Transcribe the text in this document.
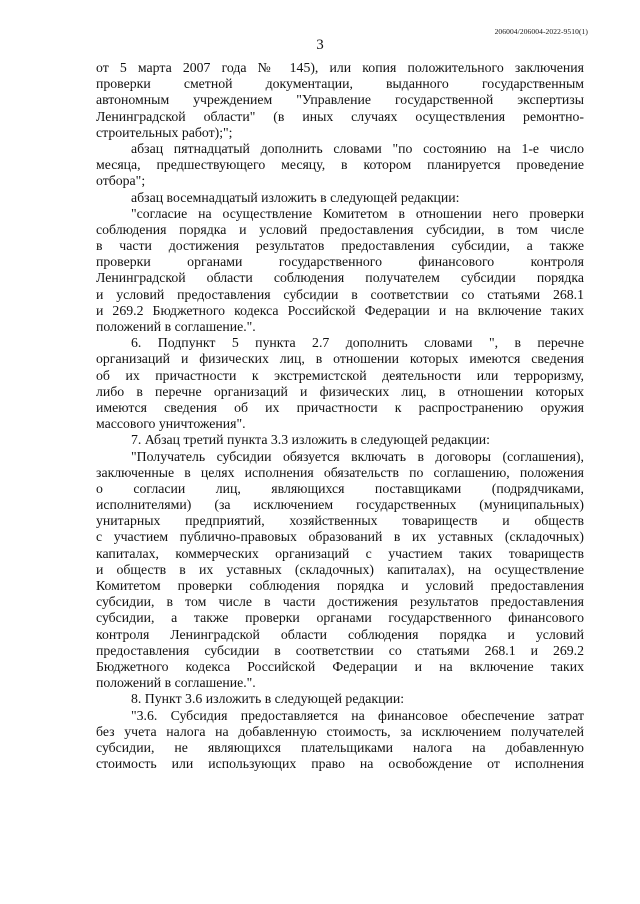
206004/206004-2022-9510(1)
3
от 5 марта 2007 года № 145), или копия положительного заключения
проверки сметной документации, выданного государственным
автономным учреждением "Управление государственной экспертизы
Ленинградской области" (в иных случаях осуществления ремонтно-
строительных работ);";
абзац пятнадцатый дополнить словами "по состоянию на 1-е число
месяца, предшествующего месяцу, в котором планируется проведение
отбора";
абзац восемнадцатый изложить в следующей редакции:
"согласие на осуществление Комитетом в отношении него проверки
соблюдения порядка и условий предоставления субсидии, в том числе
в части достижения результатов предоставления субсидии, а также
проверки органами государственного финансового контроля
Ленинградской области соблюдения получателем субсидии порядка
и условий предоставления субсидии в соответствии со статьями 268.1
и 269.2 Бюджетного кодекса Российской Федерации и на включение таких
положений в соглашение.".
6. Подпункт 5 пункта 2.7 дополнить словами ", в перечне
организаций и физических лиц, в отношении которых имеются сведения
об их причастности к экстремистской деятельности или терроризму,
либо в перечне организаций и физических лиц, в отношении которых
имеются сведения об их причастности к распространению оружия
массового уничтожения".
7. Абзац третий пункта 3.3 изложить в следующей редакции:
"Получатель субсидии обязуется включать в договоры (соглашения),
заключенные в целях исполнения обязательств по соглашению, положения
о согласии лиц, являющихся поставщиками (подрядчиками,
исполнителями) (за исключением государственных (муниципальных)
унитарных предприятий, хозяйственных товариществ и обществ
с участием публично-правовых образований в их уставных (складочных)
капиталах, коммерческих организаций с участием таких товариществ
и обществ в их уставных (складочных) капиталах), на осуществление
Комитетом проверки соблюдения порядка и условий предоставления
субсидии, в том числе в части достижения результатов предоставления
субсидии, а также проверки органами государственного финансового
контроля Ленинградской области соблюдения порядка и условий
предоставления субсидии в соответствии со статьями 268.1 и 269.2
Бюджетного кодекса Российской Федерации и на включение таких
положений в соглашение.".
8. Пункт 3.6 изложить в следующей редакции:
"3.6. Субсидия предоставляется на финансовое обеспечение затрат
без учета налога на добавленную стоимость, за исключением получателей
субсидии, не являющихся плательщиками налога на добавленную
стоимость или использующих право на освобождение от исполнения
